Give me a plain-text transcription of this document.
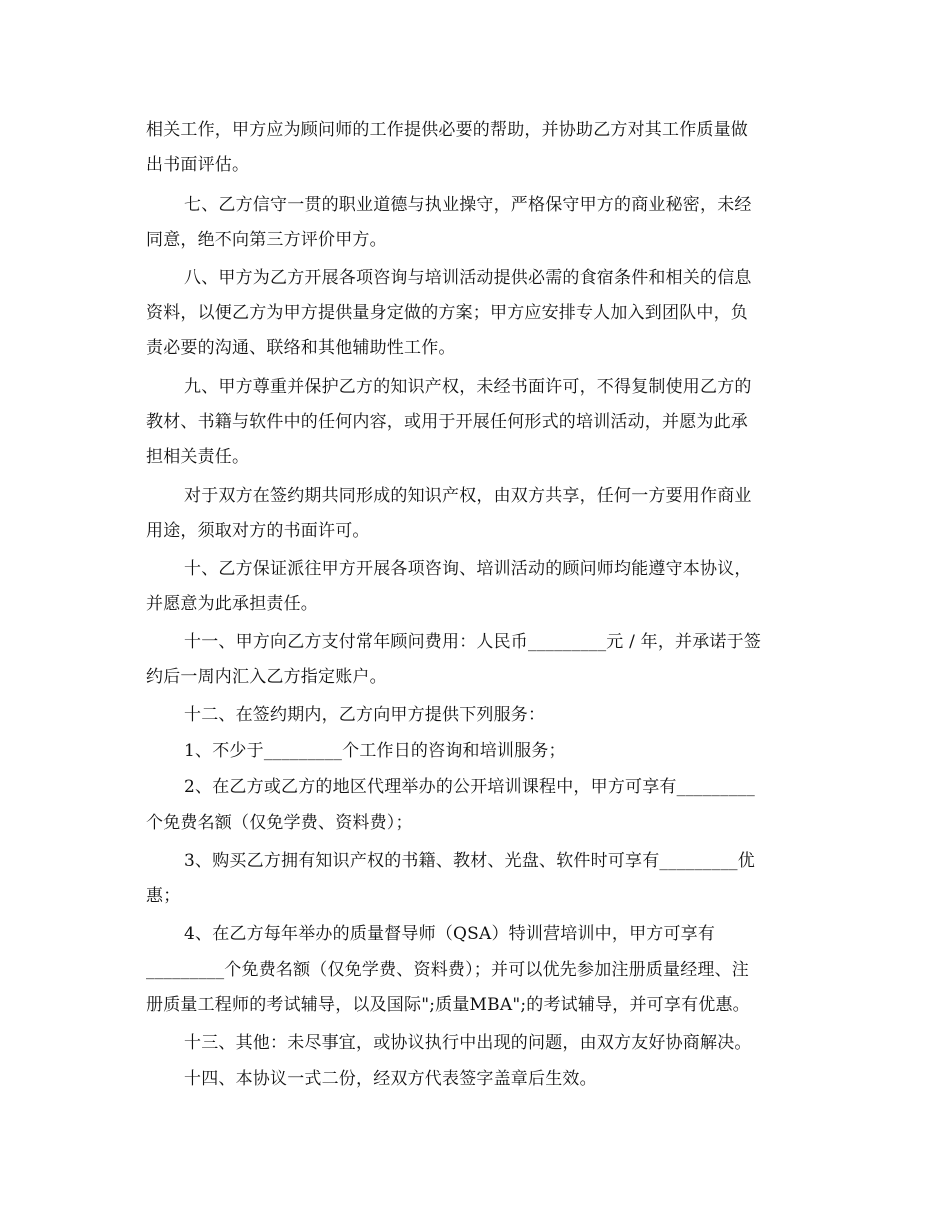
相关工作，甲方应为顾问师的工作提供必要的帮助，并协助乙方对其工作质量做
出书面评估。
七、乙方信守一贯的职业道德与执业操守，严格保守甲方的商业秘密，未经
同意，绝不向第三方评价甲方。
八、甲方为乙方开展各项咨询与培训活动提供必需的食宿条件和相关的信息
资料，以便乙方为甲方提供量身定做的方案；甲方应安排专人加入到团队中，负
责必要的沟通、联络和其他辅助性工作。
九、甲方尊重并保护乙方的知识产权，未经书面许可，不得复制使用乙方的
教材、书籍与软件中的任何内容，或用于开展任何形式的培训活动，并愿为此承
担相关责任。
对于双方在签约期共同形成的知识产权，由双方共享，任何一方要用作商业
用途，须取对方的书面许可。
十、乙方保证派往甲方开展各项咨询、培训活动的顾问师均能遵守本协议，
并愿意为此承担责任。
十一、甲方向乙方支付常年顾问费用：人民币_________元 / 年，并承诺于签
约后一周内汇入乙方指定账户。
十二、在签约期内，乙方向甲方提供下列服务：
1、不少于_________个工作日的咨询和培训服务；
2、在乙方或乙方的地区代理举办的公开培训课程中，甲方可享有_________
个免费名额（仅免学费、资料费）；
3、购买乙方拥有知识产权的书籍、教材、光盘、软件时可享有_________优
惠；
4、在乙方每年举办的质量督导师（QSA）特训营培训中，甲方可享有
_________个免费名额（仅免学费、资料费）；并可以优先参加注册质量经理、注
册质量工程师的考试辅导，以及国际";质量MBA";的考试辅导，并可享有优惠。
十三、其他：未尽事宜，或协议执行中出现的问题，由双方友好协商解决。
十四、本协议一式二份，经双方代表签字盖章后生效。
